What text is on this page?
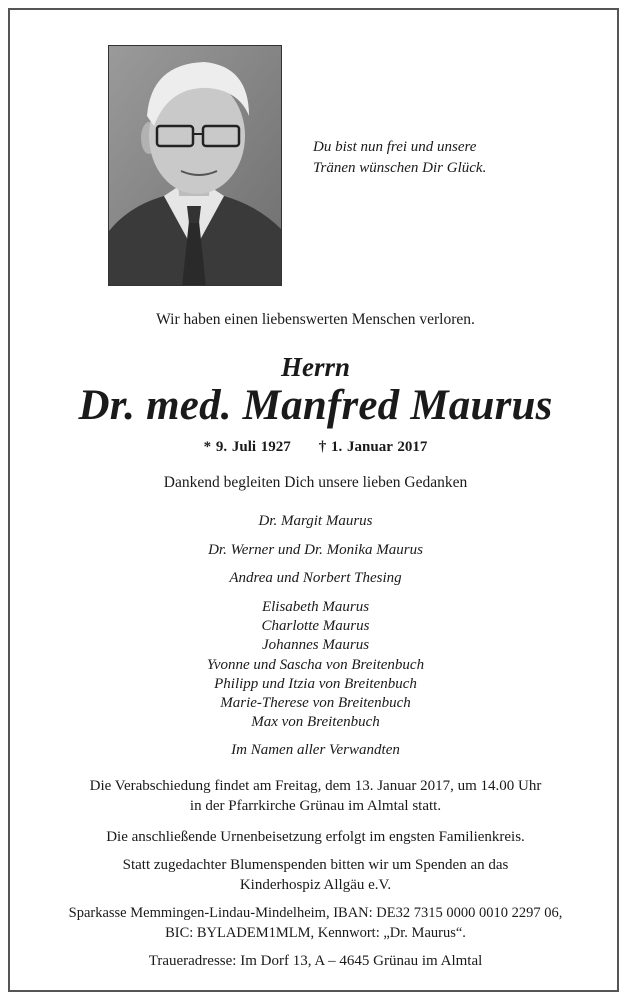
Du bist nun frei und unsere
Tränen wünschen Dir Glück.
Wir haben einen liebenswerten Menschen verloren.
Herrn
Dr. med. Manfred Maurus
* 9. Juli 1927 † 1. Januar 2017
Dankend begleiten Dich unsere lieben Gedanken
Dr. Margit Maurus
Dr. Werner und Dr. Monika Maurus
Andrea und Norbert Thesing
Elisabeth Maurus
Charlotte Maurus
Johannes Maurus
Yvonne und Sascha von Breitenbuch
Philipp und Itzia von Breitenbuch
Marie-Therese von Breitenbuch
Max von Breitenbuch
Im Namen aller Verwandten
Die Verabschiedung findet am Freitag, dem 13. Januar 2017, um 14.00 Uhr
in der Pfarrkirche Grünau im Almtal statt.
Die anschließende Urnenbeisetzung erfolgt im engsten Familienkreis.
Statt zugedachter Blumenspenden bitten wir um Spenden an das
Kinderhospiz Allgäu e.V.
Sparkasse Memmingen-Lindau-Mindelheim, IBAN: DE32 7315 0000 0010 2297 06,
BIC: BYLADEM1MLM, Kennwort: „Dr. Maurus“.
Traueradresse: Im Dorf 13, A – 4645 Grünau im Almtal
